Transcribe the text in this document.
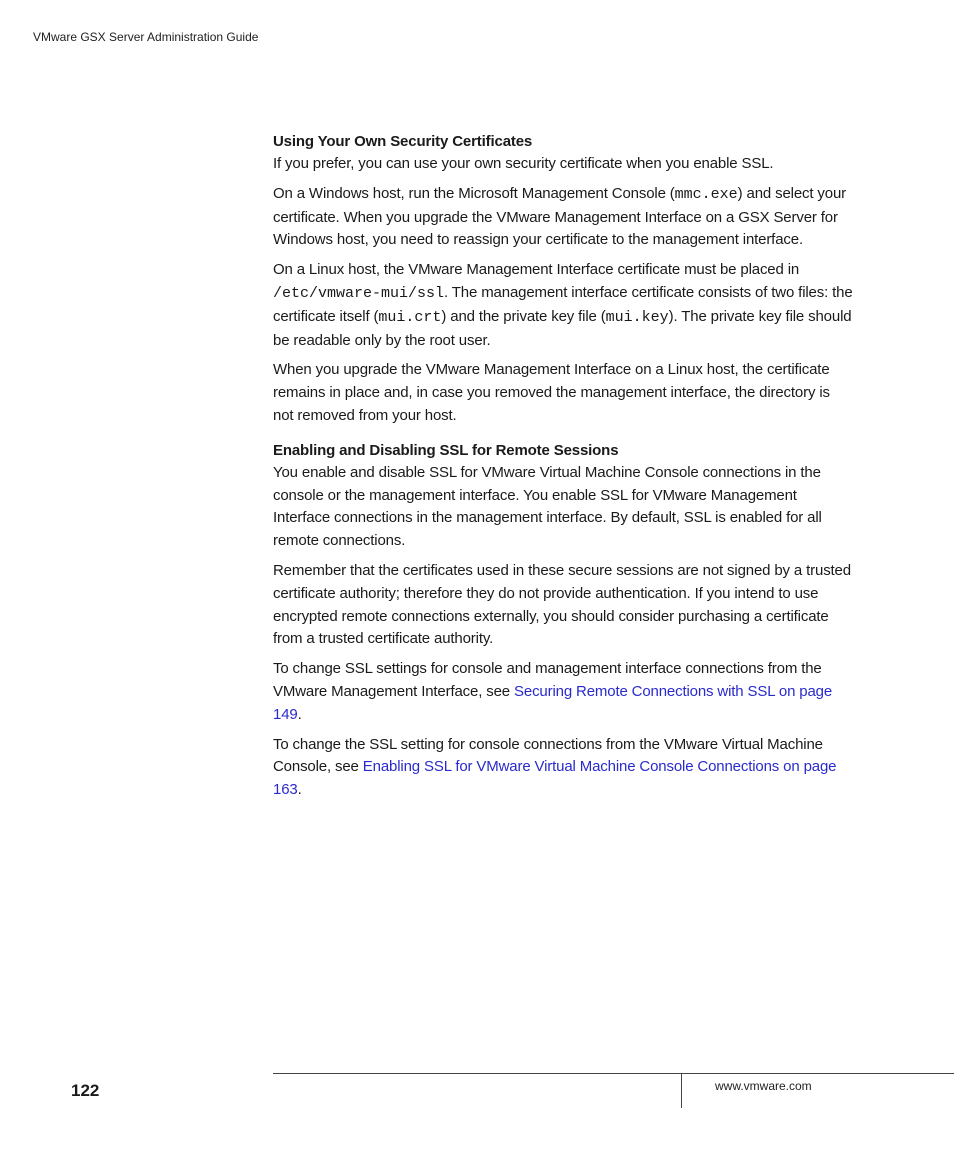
VMware GSX Server Administration Guide
Using Your Own Security Certificates

If you prefer, you can use your own security certificate when you enable SSL.

On a Windows host, run the Microsoft Management Console (mmc.exe) and select your certificate. When you upgrade the VMware Management Interface on a GSX Server for Windows host, you need to reassign your certificate to the management interface.

On a Linux host, the VMware Management Interface certificate must be placed in /etc/vmware-mui/ssl. The management interface certificate consists of two files: the certificate itself (mui.crt) and the private key file (mui.key). The private key file should be readable only by the root user.

When you upgrade the VMware Management Interface on a Linux host, the certificate remains in place and, in case you removed the management interface, the directory is not removed from your host.

Enabling and Disabling SSL for Remote Sessions

You enable and disable SSL for VMware Virtual Machine Console connections in the console or the management interface. You enable SSL for VMware Management Interface connections in the management interface. By default, SSL is enabled for all remote connections.

Remember that the certificates used in these secure sessions are not signed by a trusted certificate authority; therefore they do not provide authentication. If you intend to use encrypted remote connections externally, you should consider purchasing a certificate from a trusted certificate authority.

To change SSL settings for console and management interface connections from the VMware Management Interface, see Securing Remote Connections with SSL on page 149.

To change the SSL setting for console connections from the VMware Virtual Machine Console, see Enabling SSL for VMware Virtual Machine Console Connections on page 163.

122	www.vmware.com
